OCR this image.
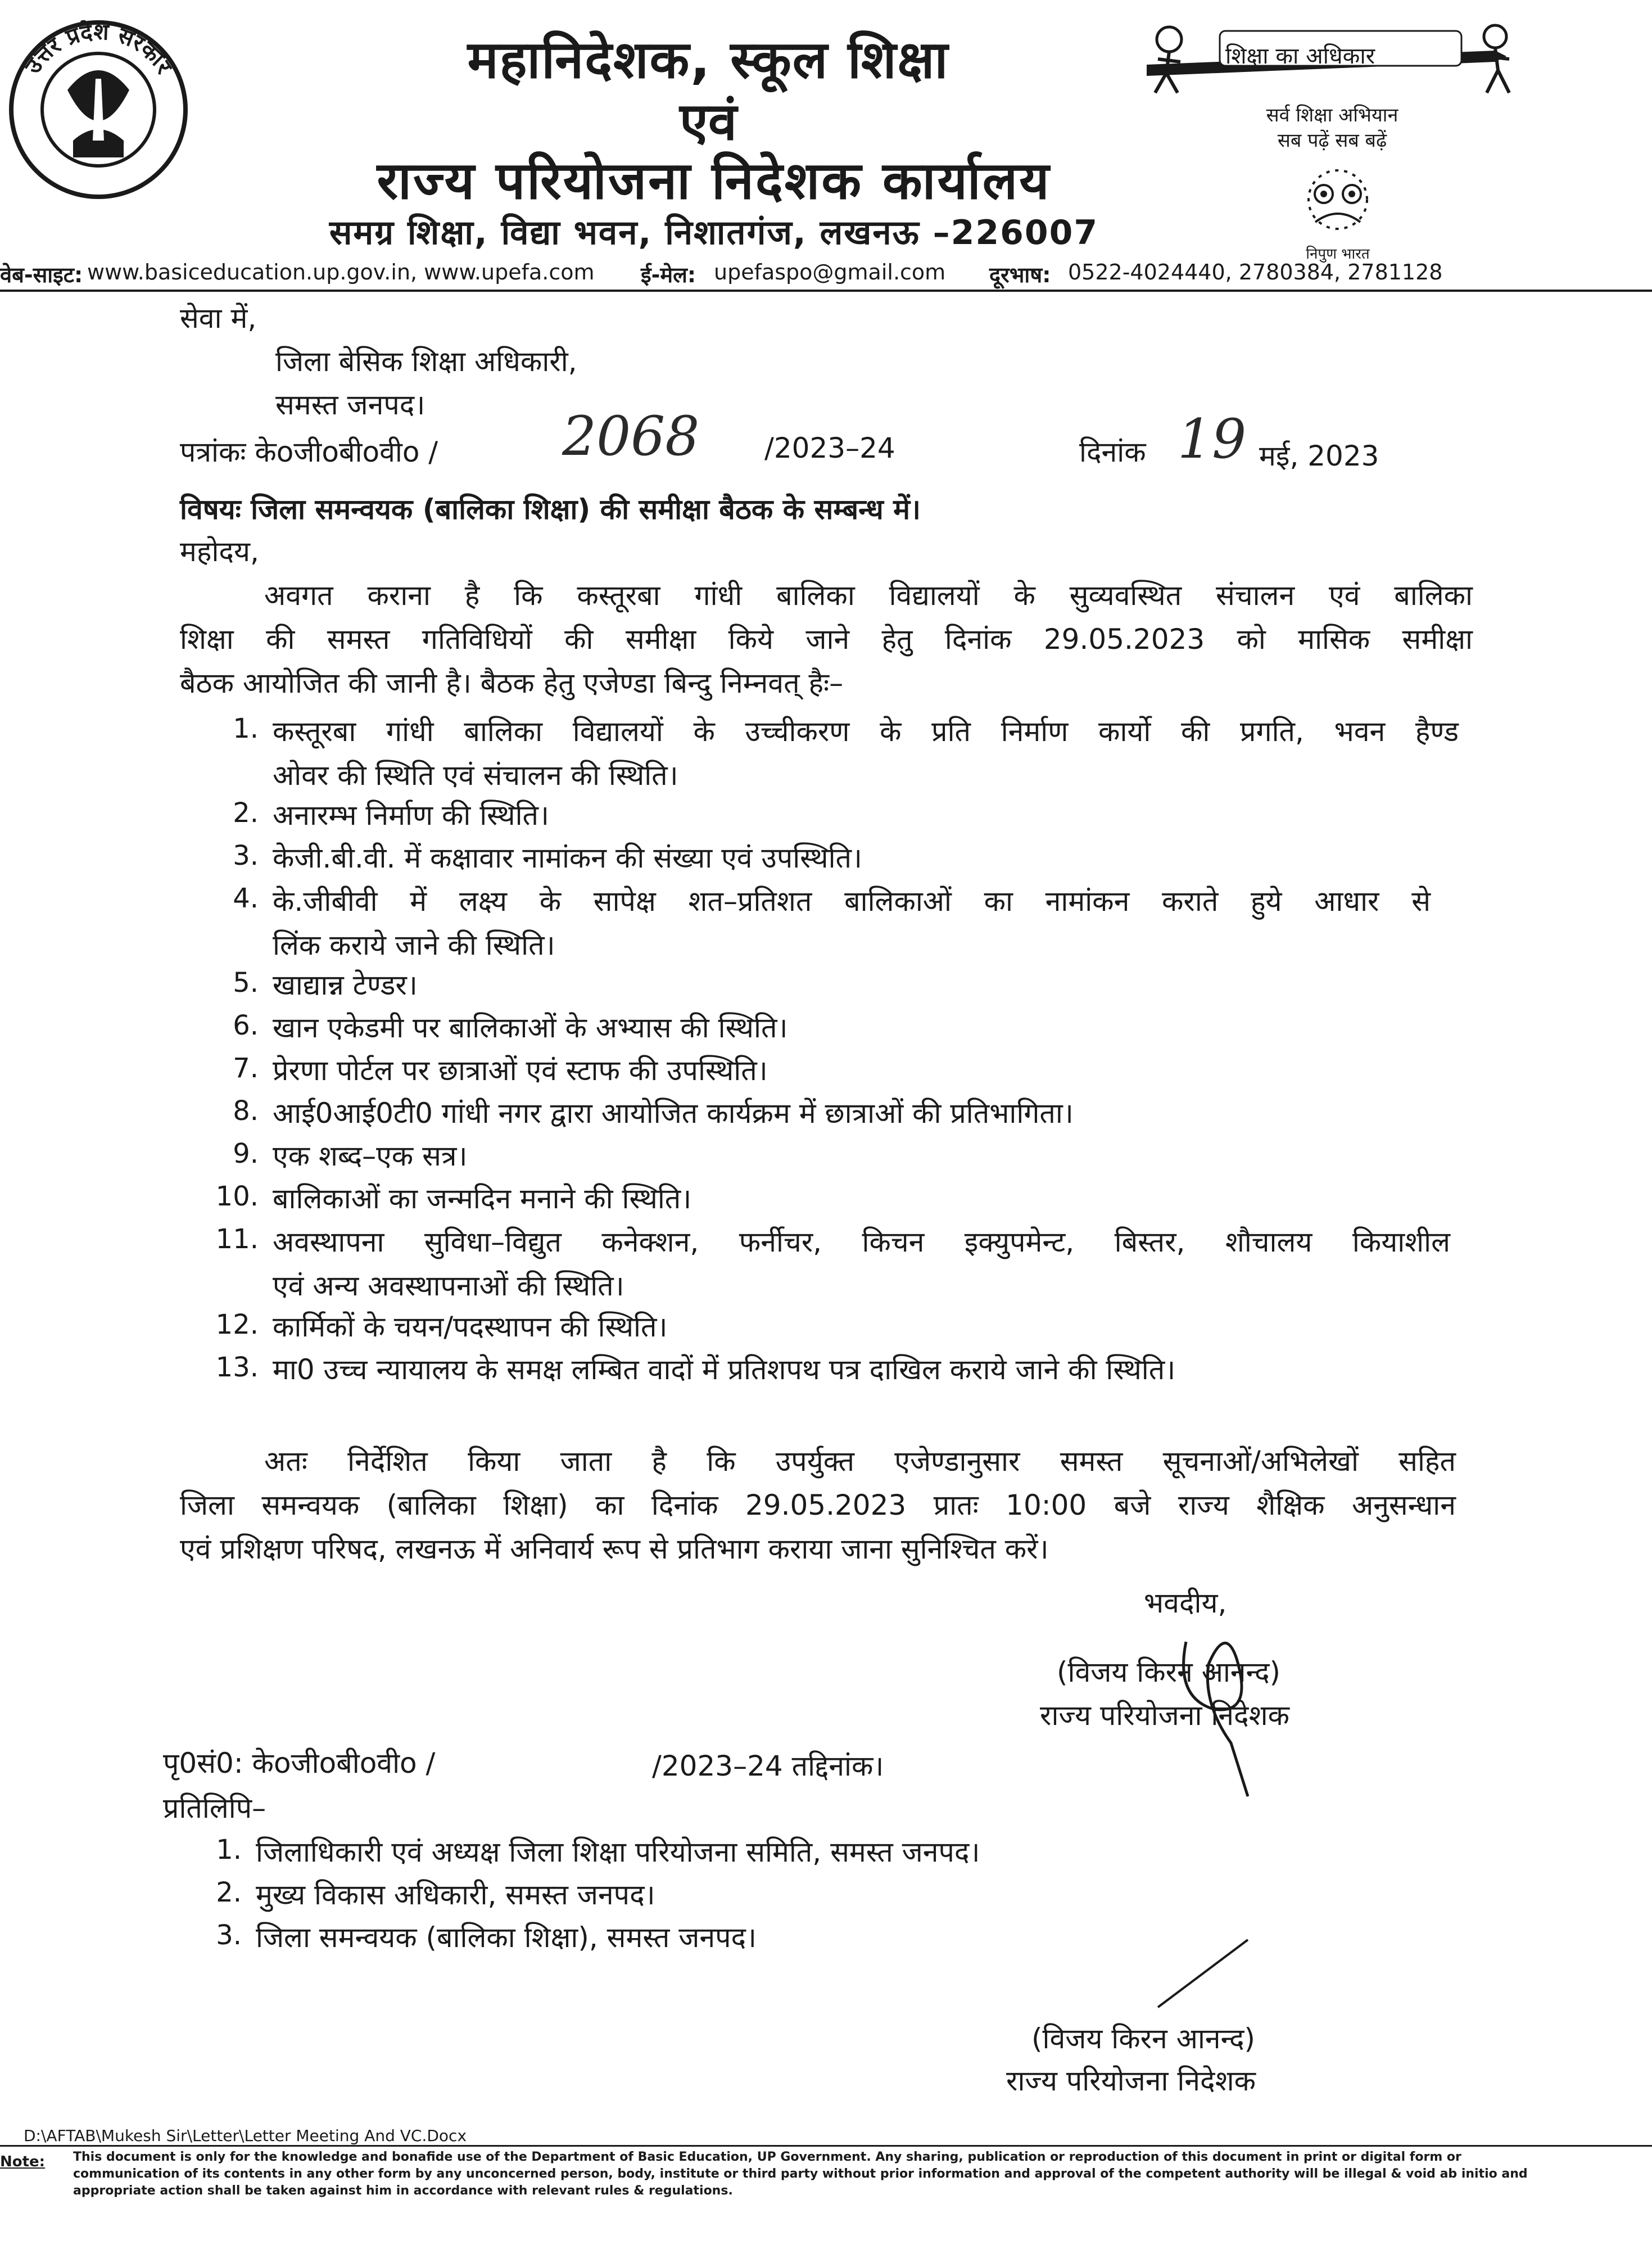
उत्तर प्रदेश सरकार	महानिदेशक, स्कूल शिक्षा
एवं
राज्य परियोजना निदेशक कार्यालय
समग्र शिक्षा, विद्या भवन, निशातगंज, लखनऊ –226007
शिक्षा का अधिकार
सर्व शिक्षा अभियान
सब पढ़ें सब बढ़ें
निपुण भारत
वेब-साइट: www.basiceducation.up.gov.in, www.upefa.com ई-मेल: upefaspo@gmail.com दूरभाष: 0522-4024440, 2780384, 2781128
सेवा में,
जिला बेसिक शिक्षा अधिकारी,
समस्त जनपद।
पत्रांकः केoजीoबीoवीo / 2068 /2023–24	दिनांक 19 मई, 2023
विषयः जिला समन्वयक (बालिका शिक्षा) की समीक्षा बैठक के सम्बन्ध में।
महोदय,
अवगत कराना है कि कस्तूरबा गांधी बालिका विद्यालयों के सुव्यवस्थित संचालन एवं बालिका
शिक्षा की समस्त गतिविधियों की समीक्षा किये जाने हेतु दिनांक 29.05.2023 को मासिक समीक्षा
बैठक आयोजित की जानी है। बैठक हेतु एजेण्डा बिन्दु निम्नवत् हैः–
1. कस्तूरबा गांधी बालिका विद्यालयों के उच्चीकरण के प्रति निर्माण कार्यो की प्रगति, भवन हैण्ड
ओवर की स्थिति एवं संचालन की स्थिति।
2. अनारम्भ निर्माण की स्थिति।
3. केजी.बी.वी. में कक्षावार नामांकन की संख्या एवं उपस्थिति।
4. के.जीबीवी में लक्ष्य के सापेक्ष शत–प्रतिशत बालिकाओं का नामांकन कराते हुये आधार से
लिंक कराये जाने की स्थिति।
5. खाद्यान्न टेण्डर।
6. खान एकेडमी पर बालिकाओं के अभ्यास की स्थिति।
7. प्रेरणा पोर्टल पर छात्राओं एवं स्टाफ की उपस्थिति।
8. आई0आई0टी0 गांधी नगर द्वारा आयोजित कार्यक्रम में छात्राओं की प्रतिभागिता।
9. एक शब्द–एक सत्र।
10. बालिकाओं का जन्मदिन मनाने की स्थिति।
11. अवस्थापना सुविधा–विद्युत कनेक्शन, फर्नीचर, किचन इक्युपमेन्ट, बिस्तर, शौचालय कियाशील
एवं अन्य अवस्थापनाओं की स्थिति।
12. कार्मिकों के चयन/पदस्थापन की स्थिति।
13. मा0 उच्च न्यायालय के समक्ष लम्बित वादों में प्रतिशपथ पत्र दाखिल कराये जाने की स्थिति।
अतः निर्देशित किया जाता है कि उपर्युक्त एजेण्डानुसार समस्त सूचनाओं/अभिलेखों सहित
जिला समन्वयक (बालिका शिक्षा) का दिनांक 29.05.2023 प्रातः 10:00 बजे राज्य शैक्षिक अनुसन्धान
एवं प्रशिक्षण परिषद, लखनऊ में अनिवार्य रूप से प्रतिभाग कराया जाना सुनिश्चित करें।
भवदीय,
(विजय किरन आनन्द)
राज्य परियोजना निदेशक
पृ0सं0: केoजीoबीoवीo /	/2023–24 तद्दिनांक।
प्रतिलिपि–
1. जिलाधिकारी एवं अध्यक्ष जिला शिक्षा परियोजना समिति, समस्त जनपद।
2. मुख्य विकास अधिकारी, समस्त जनपद।
3. जिला समन्वयक (बालिका शिक्षा), समस्त जनपद।
(विजय किरन आनन्द)
राज्य परियोजना निदेशक
D:\AFTAB\Mukesh Sir\Letter\Letter Meeting And VC.Docx
Note: This document is only for the knowledge and bonafide use of the Department of Basic Education, UP Government. Any sharing, publication or reproduction of this document in print or digital form or communication of its contents in any other form by any unconcerned person, body, institute or third party without prior information and approval of the competent authority will be illegal & void ab initio and appropriate action shall be taken against him in accordance with relevant rules & regulations.
